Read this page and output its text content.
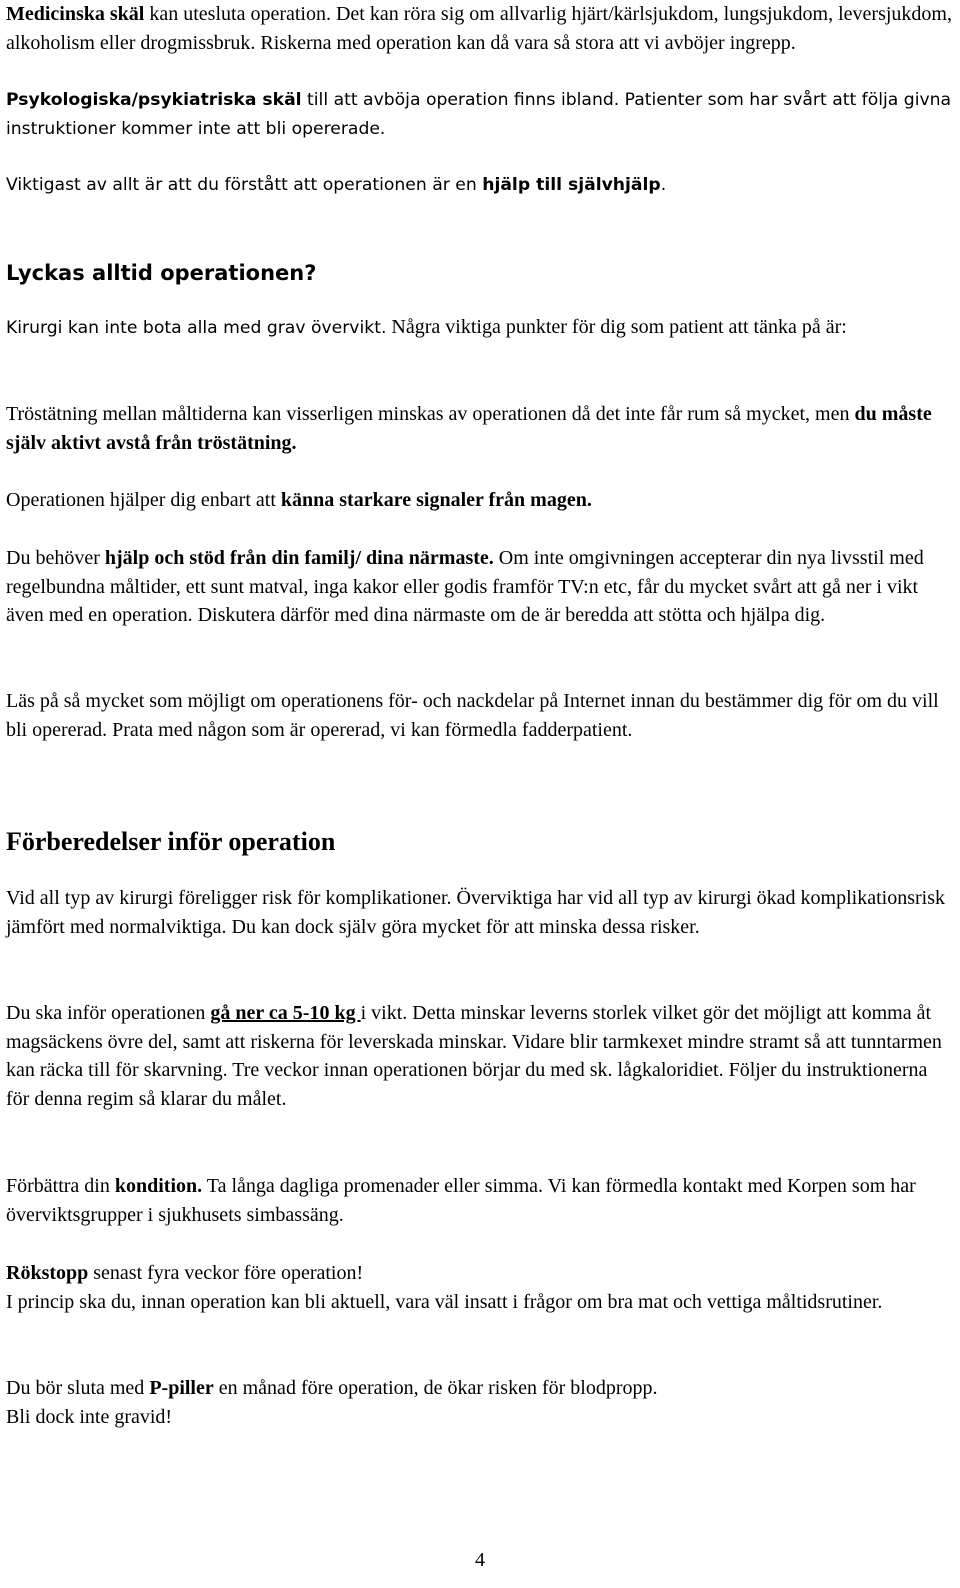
Medicinska skäl kan utesluta operation. Det kan röra sig om allvarlig hjärt/kärlsjukdom, lungsjukdom, leversjukdom, alkoholism eller drogmissbruk. Riskerna med operation kan då vara så stora att vi avböjer ingrepp.

Psykologiska/psykiatriska skäl till att avböja operation finns ibland. Patienter som har svårt att följa givna instruktioner kommer inte att bli opererade.

Viktigast av allt är att du förstått att operationen är en hjälp till självhjälp.

Lyckas alltid operationen?

Kirurgi kan inte bota alla med grav övervikt. Några viktiga punkter för dig som patient att tänka på är:

Tröstätning mellan måltiderna kan visserligen minskas av operationen då det inte får rum så mycket, men du måste själv aktivt avstå från tröstätning.

Operationen hjälper dig enbart att känna starkare signaler från magen.

Du behöver hjälp och stöd från din familj/ dina närmaste. Om inte omgivningen accepterar din nya livsstil med regelbundna måltider, ett sunt matval, inga kakor eller godis framför TV:n etc, får du mycket svårt att gå ner i vikt även med en operation. Diskutera därför med dina närmaste om de är beredda att stötta och hjälpa dig.

Läs på så mycket som möjligt om operationens för- och nackdelar på Internet innan du bestämmer dig för om du vill bli opererad. Prata med någon som är opererad, vi kan förmedla fadderpatient.

Förberedelser inför operation

Vid all typ av kirurgi föreligger risk för komplikationer. Överviktiga har vid all typ av kirurgi ökad komplikationsrisk jämfört med normalviktiga. Du kan dock själv göra mycket för att minska dessa risker.

Du ska inför operationen gå ner ca 5-10 kg i vikt. Detta minskar leverns storlek vilket gör det möjligt att komma åt magsäckens övre del, samt att riskerna för leverskada minskar. Vidare blir tarmkexet mindre stramt så att tunntarmen kan räcka till för skarvning. Tre veckor innan operationen börjar du med sk. lågkaloridiet. Följer du instruktionerna för denna regim så klarar du målet.

Förbättra din kondition. Ta långa dagliga promenader eller simma. Vi kan förmedla kontakt med Korpen som har överviktsgrupper i sjukhusets simbassäng.

Rökstopp senast fyra veckor före operation!
I princip ska du, innan operation kan bli aktuell, vara väl insatt i frågor om bra mat och vettiga måltidsrutiner.

Du bör sluta med P-piller en månad före operation, de ökar risken för blodpropp.
Bli dock inte gravid!

4
